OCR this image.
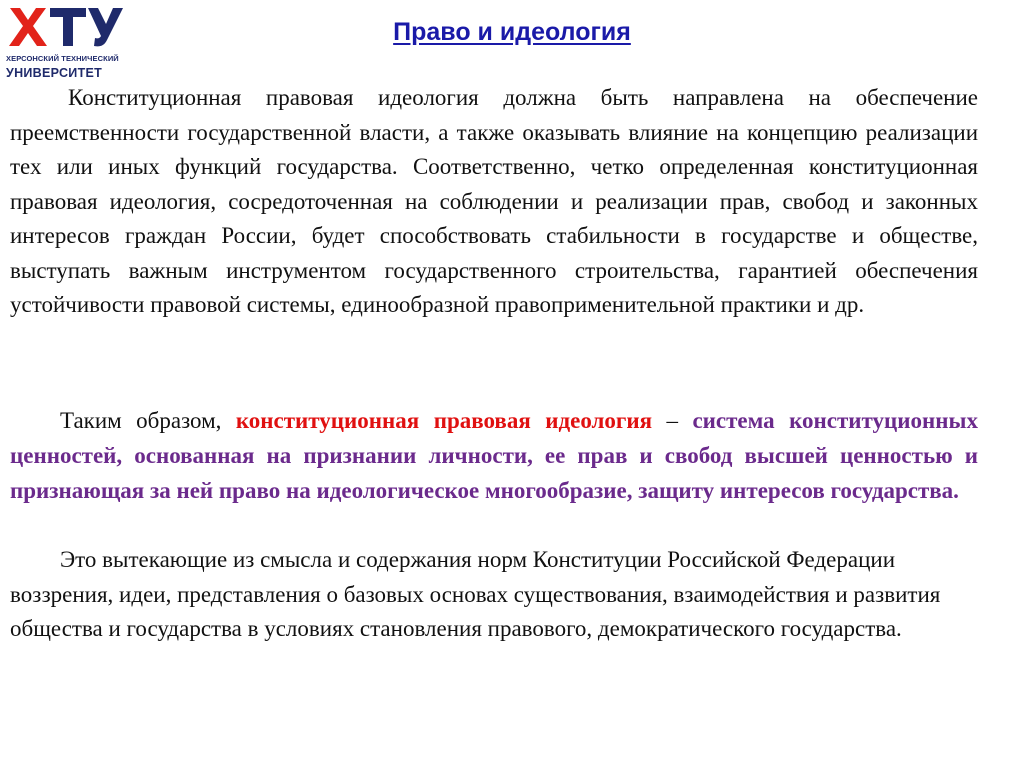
ХЕРСОНСКИЙ ТЕХНИЧЕСКИЙ
УНИВЕРСИТЕТ
Право и идеология

Конституционная правовая идеология должна быть направлена на обеспечение преемственности государственной власти, а также оказывать влияние на концепцию реализации тех или иных функций государства. Соответственно, четко определенная конституционная правовая идеология, сосредоточенная на соблюдении и реализации прав, свобод и законных интересов граждан России, будет способствовать стабильности в государстве и обществе, выступать важным инструментом государственного строительства, гарантией обеспечения устойчивости правовой системы, единообразной правоприменительной практики и др.

Таким образом, конституционная правовая идеология – система конституционных ценностей, основанная на признании личности, ее прав и свобод высшей ценностью и признающая за ней право на идеологическое многообразие, защиту интересов государства.

Это вытекающие из смысла и содержания норм Конституции Российской Федерации воззрения, идеи, представления о базовых основах существования, взаимодействия и развития общества и государства в условиях становления правового, демократического государства.
